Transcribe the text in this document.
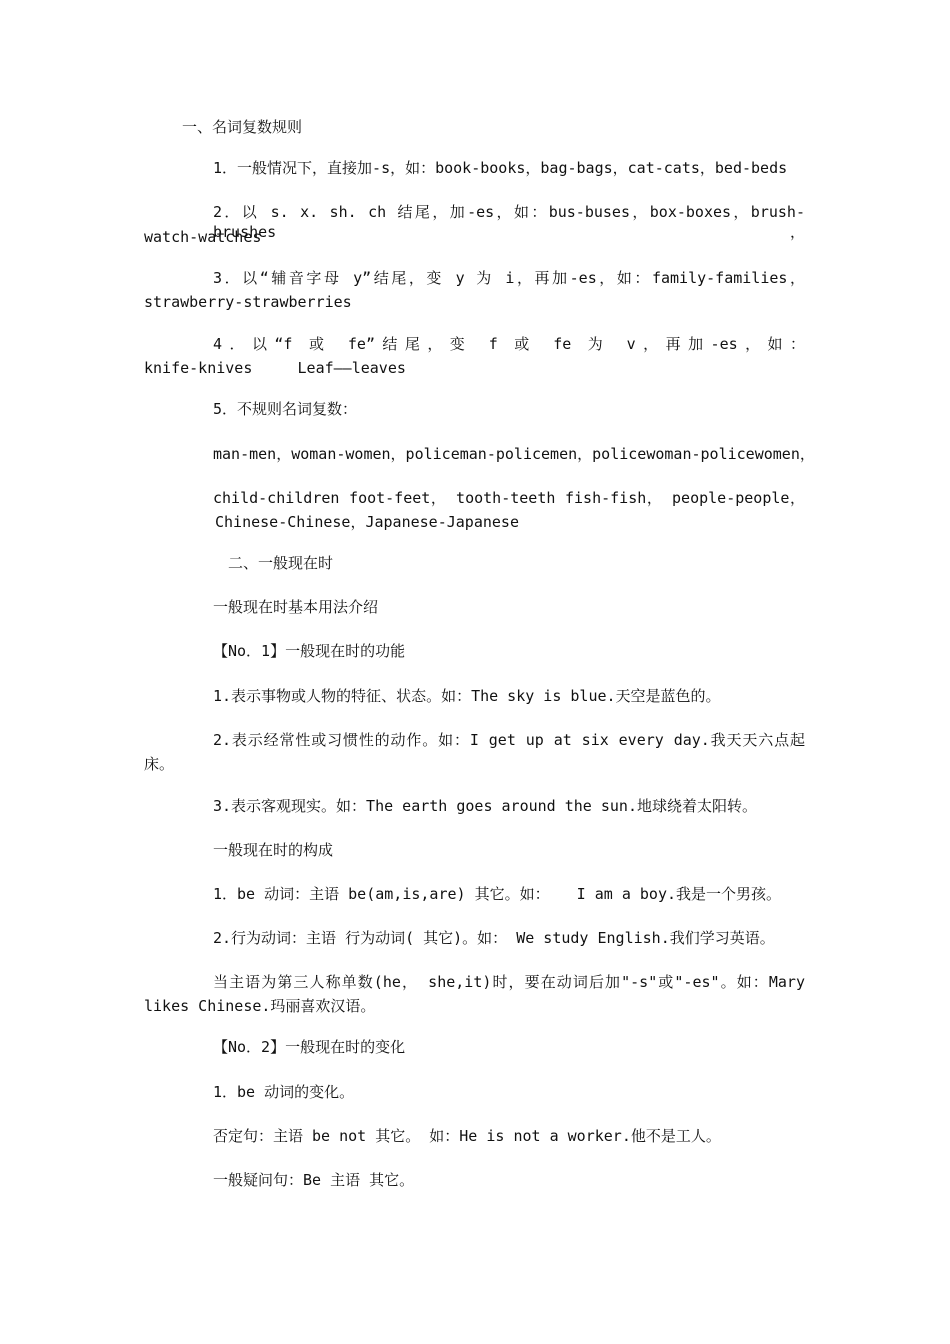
一、名词复数规则
1．一般情况下，直接加-s，如：book-books，bag-bags，cat-cats，bed-beds
2．以 s. x. sh. ch 结尾，加-es，如：bus-buses，box-boxes，brush-brushes，
watch-watches
3．以“辅音字母 y”结尾，变 y 为 i，再加-es，如：family-families，
strawberry-strawberries
4．以“f 或 fe”结尾，变 f 或 fe 为 v，再加-es，如：
knife-knives     Leaf——leaves
5．不规则名词复数：
man-men，woman-women，policeman-policemen，policewoman-policewomen，
child-children foot-feet， tooth-teeth fish-fish， people-people，
Chinese-Chinese，Japanese-Japanese
二、一般现在时
一般现在时基本用法介绍
【No．1】一般现在时的功能
1.表示事物或人物的特征、状态。如：The sky is blue.天空是蓝色的。
2.表示经常性或习惯性的动作。如：I get up at six every day.我天天六点起
床。
3.表示客观现实。如：The earth goes around the sun.地球绕着太阳转。
一般现在时的构成
1．be 动词：主语 be(am,is,are) 其它。如：   I am a boy.我是一个男孩。
2.行为动词：主语 行为动词( 其它)。如： We study English.我们学习英语。
当主语为第三人称单数(he， she,it)时，要在动词后加"-s"或"-es"。如：Mary
likes Chinese.玛丽喜欢汉语。
【No．2】一般现在时的变化
1．be 动词的变化。
否定句：主语 be not 其它。 如：He is not a worker.他不是工人。
一般疑问句：Be 主语 其它。
